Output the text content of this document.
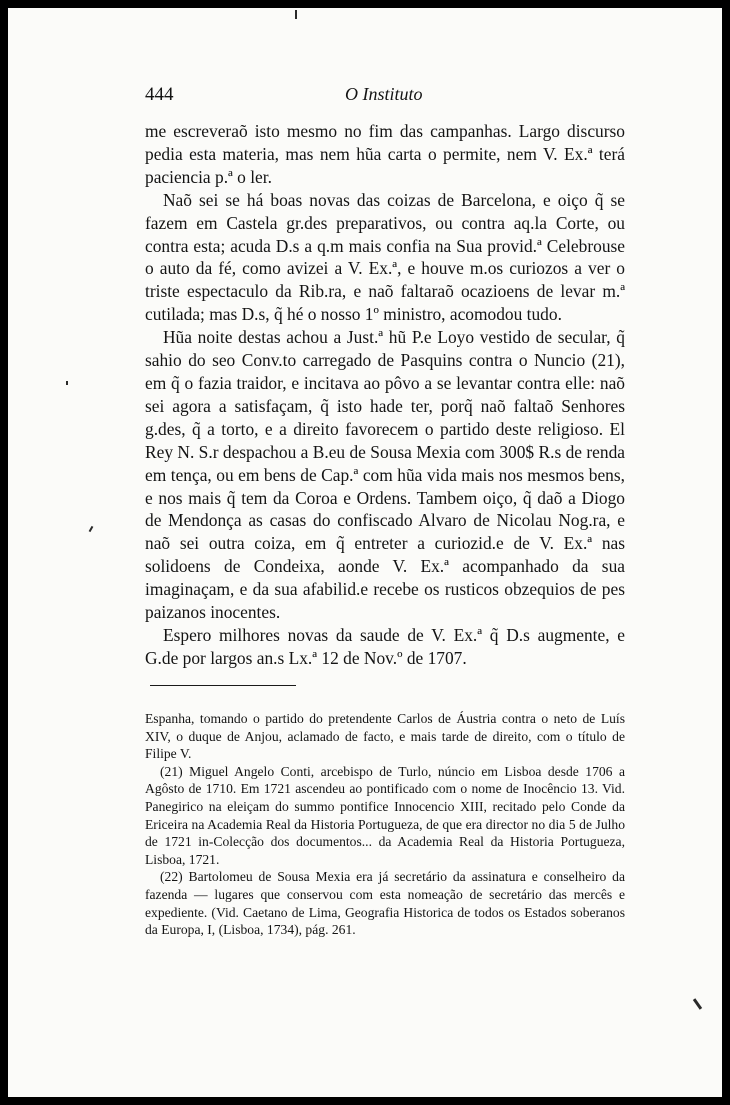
444	O Instituto

me escreveraõ isto mesmo no fim das campanhas. Largo discurso pedia esta materia, mas nem hũa carta o permite, nem V. Ex.ª terá paciencia p.ª o ler.

Naõ sei se há boas novas das coizas de Barcelona, e oiço q̃ se fazem em Castela gr.des preparativos, ou contra aq.la Corte, ou contra esta; acuda D.s a q.m mais confia na Sua provid.ª Celebrouse o auto da fé, como avizei a V. Ex.ª, e houve m.os curiozos a ver o triste espectaculo da Rib.ra, e naõ faltaraõ ocazioens de levar m.ª cutilada; mas D.s, q̃ hé o nosso 1º ministro, acomodou tudo.

Hũa noite destas achou a Just.ª hũ P.e Loyo vestido de secular, q̃ sahio do seo Conv.to carregado de Pasquins contra o Nuncio (21), em q̃ o fazia traidor, e incitava ao pôvo a se levantar contra elle: naõ sei agora a satisfaçam, q̃ isto hade ter, porq̃ naõ faltaõ Senhores g.des, q̃ a torto, e a direito favorecem o partido deste religioso. El Rey N. S.r despachou a B.eu de Sousa Mexia com 300$ R.s de renda em tença, ou em bens de Cap.ª com hũa vida mais nos mesmos bens, e nos mais q̃ tem da Coroa e Ordens. Tambem oiço, q̃ daõ a Diogo de Mendonça as casas do confiscado Alvaro de Nicolau Nog.ra, e naõ sei outra coiza, em q̃ entreter a curiozid.e de V. Ex.ª nas solidoens de Condeixa, aonde V. Ex.ª acompanhado da sua imaginaçam, e da sua afabilid.e recebe os rusticos obzequios de pes paizanos inocentes.

Espero milhores novas da saude de V. Ex.ª q̃ D.s augmente, e G.de por largos an.s Lx.ª 12 de Nov.º de 1707.

Espanha, tomando o partido do pretendente Carlos de Áustria contra o neto de Luís XIV, o duque de Anjou, aclamado de facto, e mais tarde de direito, com o título de Filipe V.

(21) Miguel Angelo Conti, arcebispo de Turlo, núncio em Lisboa desde 1706 a Agôsto de 1710. Em 1721 ascendeu ao pontificado com o nome de Inocêncio 13. Vid. Panegirico na eleiçam do summo pontifice Innocencio XIII, recitado pelo Conde da Ericeira na Academia Real da Historia Portugueza, de que era director no dia 5 de Julho de 1721 in-Colecção dos documentos... da Academia Real da Historia Portugueza, Lisboa, 1721.

(22) Bartolomeu de Sousa Mexia era já secretário da assinatura e conselheiro da fazenda — lugares que conservou com esta nomeação de secretário das mercês e expediente. (Vid. Caetano de Lima, Geografia Historica de todos os Estados soberanos da Europa, I, (Lisboa, 1734), pág. 261.
